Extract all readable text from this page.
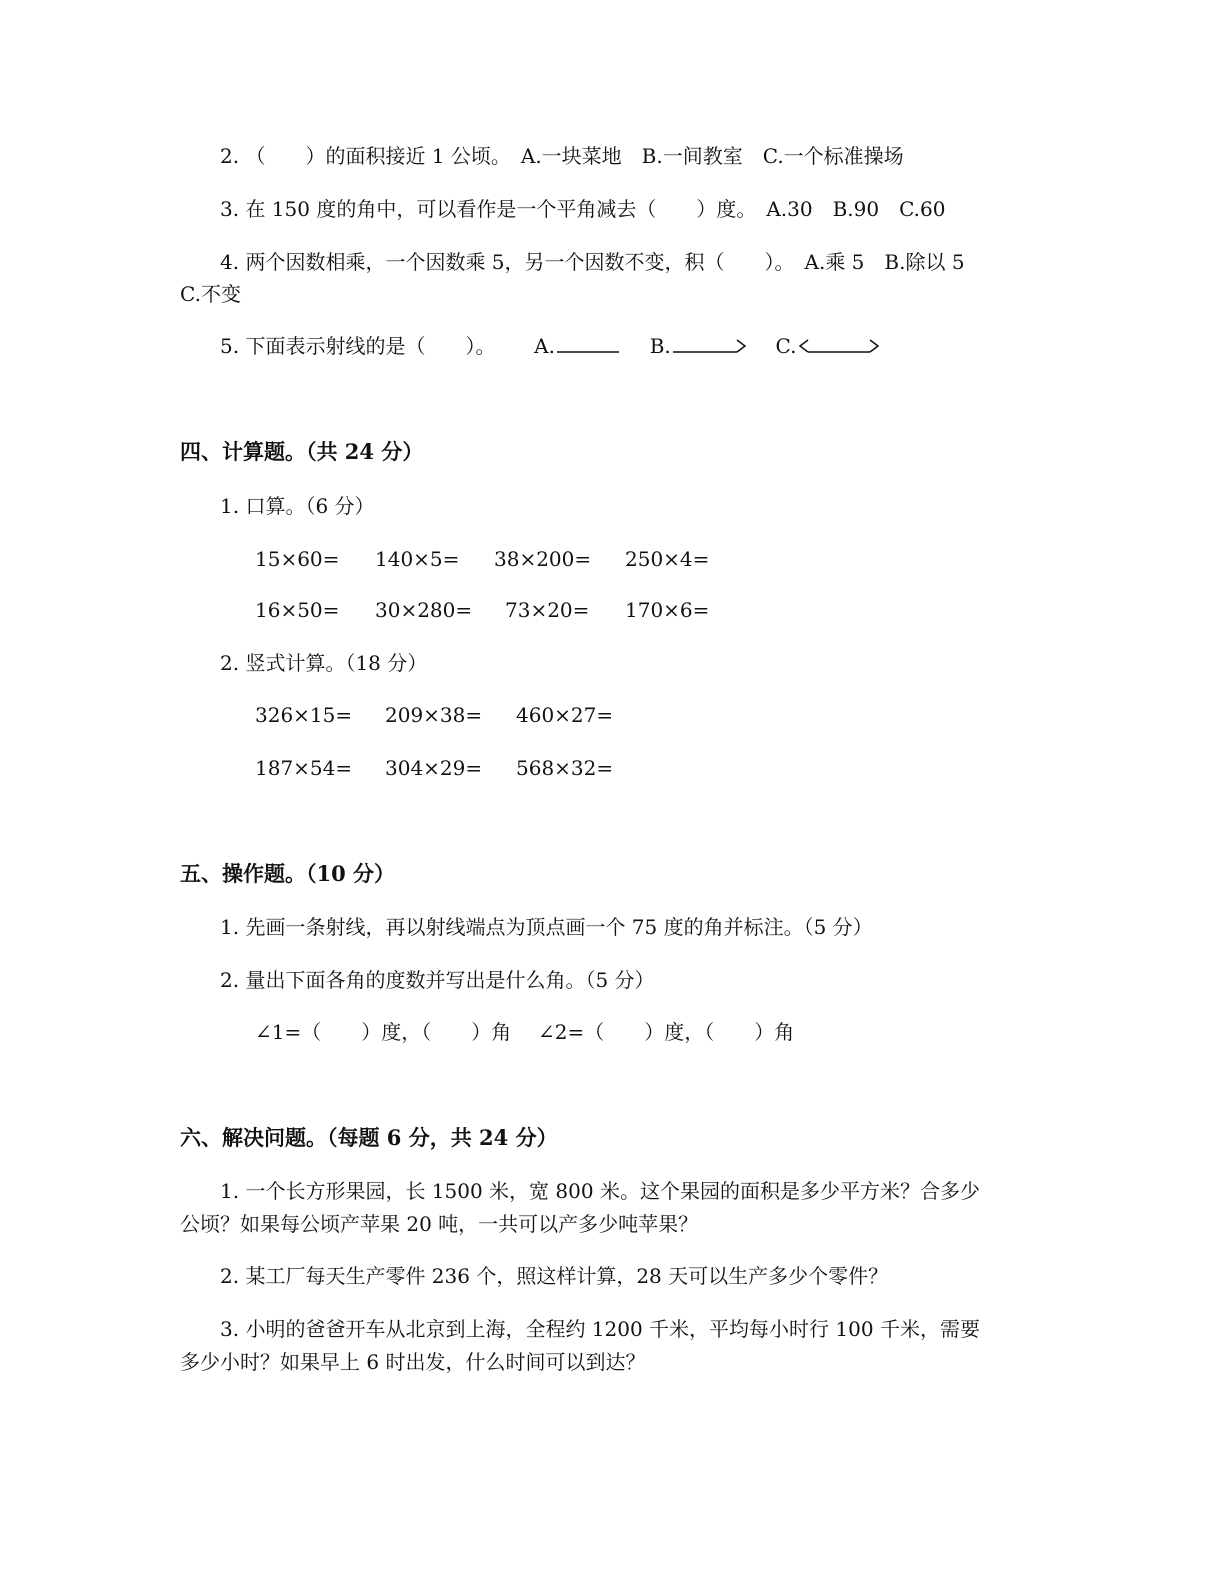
2. （　　）的面积接近 1 公顷。　A.一块菜地　B.一间教室　C.一个标准操场
3. 在 150 度的角中，可以看作是一个平角减去（　　）度。　A.30　B.90　C.60
4. 两个因数相乘，一个因数乘 5，另一个因数不变，积（　　）。　A.乘 5　B.除以 5
C.不变
5. 下面表示射线的是（　　）。 A.	B.	C.
四、计算题。（共 24 分）
1. 口算。（6 分）
15×60= 140×5= 38×200= 250×4=
16×50= 30×280= 73×20= 170×6=
2. 竖式计算。（18 分）
326×15= 209×38= 460×27=
187×54= 304×29= 568×32=
五、操作题。（10 分）
1. 先画一条射线，再以射线端点为顶点画一个 75 度的角并标注。（5 分）
2. 量出下面各角的度数并写出是什么角。（5 分）
∠1=（　　）度，（　　）角 ∠2=（　　）度，（　　）角
六、解决问题。（每题 6 分，共 24 分）
1. 一个长方形果园，长 1500 米，宽 800 米。这个果园的面积是多少平方米？合多少
公顷？如果每公顷产苹果 20 吨，一共可以产多少吨苹果？
2. 某工厂每天生产零件 236 个，照这样计算，28 天可以生产多少个零件？
3. 小明的爸爸开车从北京到上海，全程约 1200 千米，平均每小时行 100 千米，需要
多少小时？如果早上 6 时出发，什么时间可以到达？
